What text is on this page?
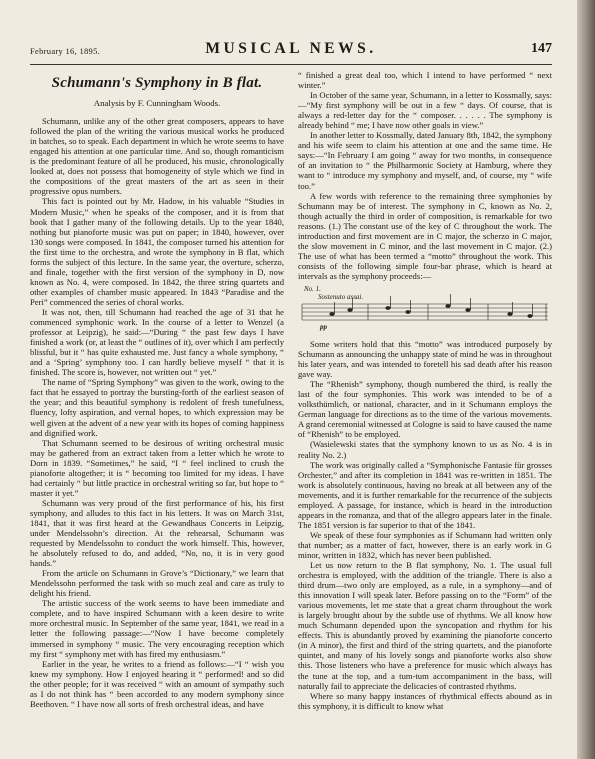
February 16, 1895.	MUSICAL NEWS.	147
Schumann's Symphony in B flat.
Analysis by F. Cunningham Woods.

Schumann, unlike any of the other great composers, appears to have followed the plan of the writing the various musical works he produced in batches, so to speak. Each department in which he wrote seems to have engaged his attention at one particular time. And so, though romanticism is the predominant feature of all he produced, his music, chronologically looked at, does not possess that homogeneity of style which we find in the compositions of the great masters of the art as seen in their progressive opus numbers.

This fact is pointed out by Mr. Hadow, in his valuable “Studies in Modern Music,” when he speaks of the composer, and it is from that book that I gather many of the following details. Up to the year 1840, nothing but pianoforte music was put on paper; in 1840, however, over 130 songs were composed. In 1841, the composer turned his attention for the first time to the orchestra, and wrote the symphony in B flat, which forms the subject of this lecture. In the same year, the overture, scherzo, and finale, together with the first version of the symphony in D, now known as No. 4, were composed. In 1842, the three string quartets and other examples of chamber music appeared. In 1843 “Paradise and the Peri” commenced the series of choral works.

It was not, then, till Schumann had reached the age of 31 that he commenced symphonic work. In the course of a letter to Wenzel (a professor at Leipzig), he said:—“During “ the past few days I have finished a work (or, at least the “ outlines of it), over which I am perfectly blissful, but it “ has quite exhausted me. Just fancy a whole symphony, “ and a ‘Spring’ symphony too. I can hardly believe myself “ that it is finished. The score is, however, not written out “ yet.”

The name of “Spring Symphony” was given to the work, owing to the fact that he essayed to portray the bursting-forth of the earliest season of the year; and this beautiful symphony is redolent of fresh tunefulness, fluency, lofty aspiration, and vernal hopes, to which expression may be well given at the advent of a new year with its hopes of coming happiness and dignified work.

That Schumann seemed to be desirous of writing orchestral music may be gathered from an extract taken from a letter which he wrote to Dorn in 1839. “Sometimes,” he said, “I “ feel inclined to crush the pianoforte altogether; it is “ becoming too limited for my ideas. I have had certainly “ but little practice in orchestral writing so far, but hope to “ master it yet.”

Schumann was very proud of the first performance of his, his first symphony, and alludes to this fact in his letters. It was on March 31st, 1841, that it was first heard at the Gewandhaus Concerts in Leipzig, under Mendelssohn’s direction. At the rehearsal, Schumann was requested by Mendelssohn to conduct the work himself. This, however, he absolutely refused to do, and added, “No, no, it is in very good hands.”

From the article on Schumann in Grove’s “Dictionary,” we learn that Mendelssohn performed the task with so much zeal and care as truly to delight his friend.

The artistic success of the work seems to have been immediate and complete, and to have inspired Schumann with a keen desire to write more orchestral music. In September of the same year, 1841, we read in a letter the following passage:—“Now I have become completely immersed in symphony “ music. The very encouraging reception which my first “ symphony met with has fired my enthusiasm.”

Earlier in the year, he writes to a friend as follows:—“I “ wish you knew my symphony. How I enjoyed hearing it “ performed! and so did the other people; for it was received “ with an amount of sympathy such as I do not think has “ been accorded to any modern symphony since Beethoven. “ I have now all sorts of fresh orchestral ideas, and have

“ finished a great deal too, which I intend to have performed “ next winter.”

In October of the same year, Schumann, in a letter to Kossmally, says:—“My first symphony will be out in a few “ days. Of course, that is always a red-letter day for the “ composer. . . . . . The symphony is already behind “ me; I have now other goals in view.”

In another letter to Kossmally, dated January 8th, 1842, the symphony and his wife seem to claim his attention at one and the same time. He says:—“In February I am going “ away for two months, in consequence of an invitation to “ the Philharmonic Society at Hamburg, where they want to “ introduce my symphony and myself, and, of course, my “ wife too.”

A few words with reference to the remaining three symphonies by Schumann may be of interest. The symphony in C, known as No. 2, though actually the third in order of composition, is remarkable for two reasons. (1.) The constant use of the key of C throughout the work. The introduction and first movement are in C major, the scherzo in C major, the slow movement in C minor, and the last movement in C major. (2.) The use of what has been termed a “motto” throughout the work. This consists of the following simple four-bar phrase, which is heard at intervals as the symphony proceeds:—

No. 1.
Sostenuto assai.
pp

Some writers hold that this “motto” was introduced purposely by Schumann as announcing the unhappy state of mind he was in throughout his later years, and was intended to foretell his sad death after his reason gave way.

The “Rhenish” symphony, though numbered the third, is really the last of the four symphonies. This work was intended to be of a volksthümlich, or national, character, and in it Schumann employs the German language for directions as to the time of the various movements. A grand ceremonial witnessed at Cologne is said to have caused the name of “Rhenish” to be employed.

(Wasielewski states that the symphony known to us as No. 4 is in reality No. 2.)

The work was originally called a “Symphonische Fantasie für grosses Orchester,” and after its completion in 1841 was re-written in 1851. The work is absolutely continuous, having no break at all between any of the movements, and it is further remarkable for the recurrence of the subjects employed. A passage, for instance, which is heard in the introduction appears in the romanza, and that of the allegro appears later in the finale. The 1851 version is far superior to that of the 1841.

We speak of these four symphonies as if Schumann had written only that number; as a matter of fact, however, there is an early work in G minor, written in 1832, which has never been published.

Let us now return to the B flat symphony, No. 1. The usual full orchestra is employed, with the addition of the triangle. There is also a third drum—two only are employed, as a rule, in a symphony—and of this innovation I will speak later. Before passing on to the “Form” of the various movements, let me state that a great charm throughout the work is largely brought about by the subtle use of rhythms. We all know how much Schumann depended upon the syncopation and rhythm for his effects. This is abundantly proved by examining the pianoforte concerto (in A minor), the first and third of the string quartets, and the pianoforte quintet, and many of his lovely songs and pianoforte works also show this. Those listeners who have a preference for music which always has the tune at the top, and a tum-tum accompaniment in the bass, will naturally fail to appreciate the delicacies of contrasted rhythms.

Where so many happy instances of rhythmical effects abound as in this symphony, it is difficult to know what
